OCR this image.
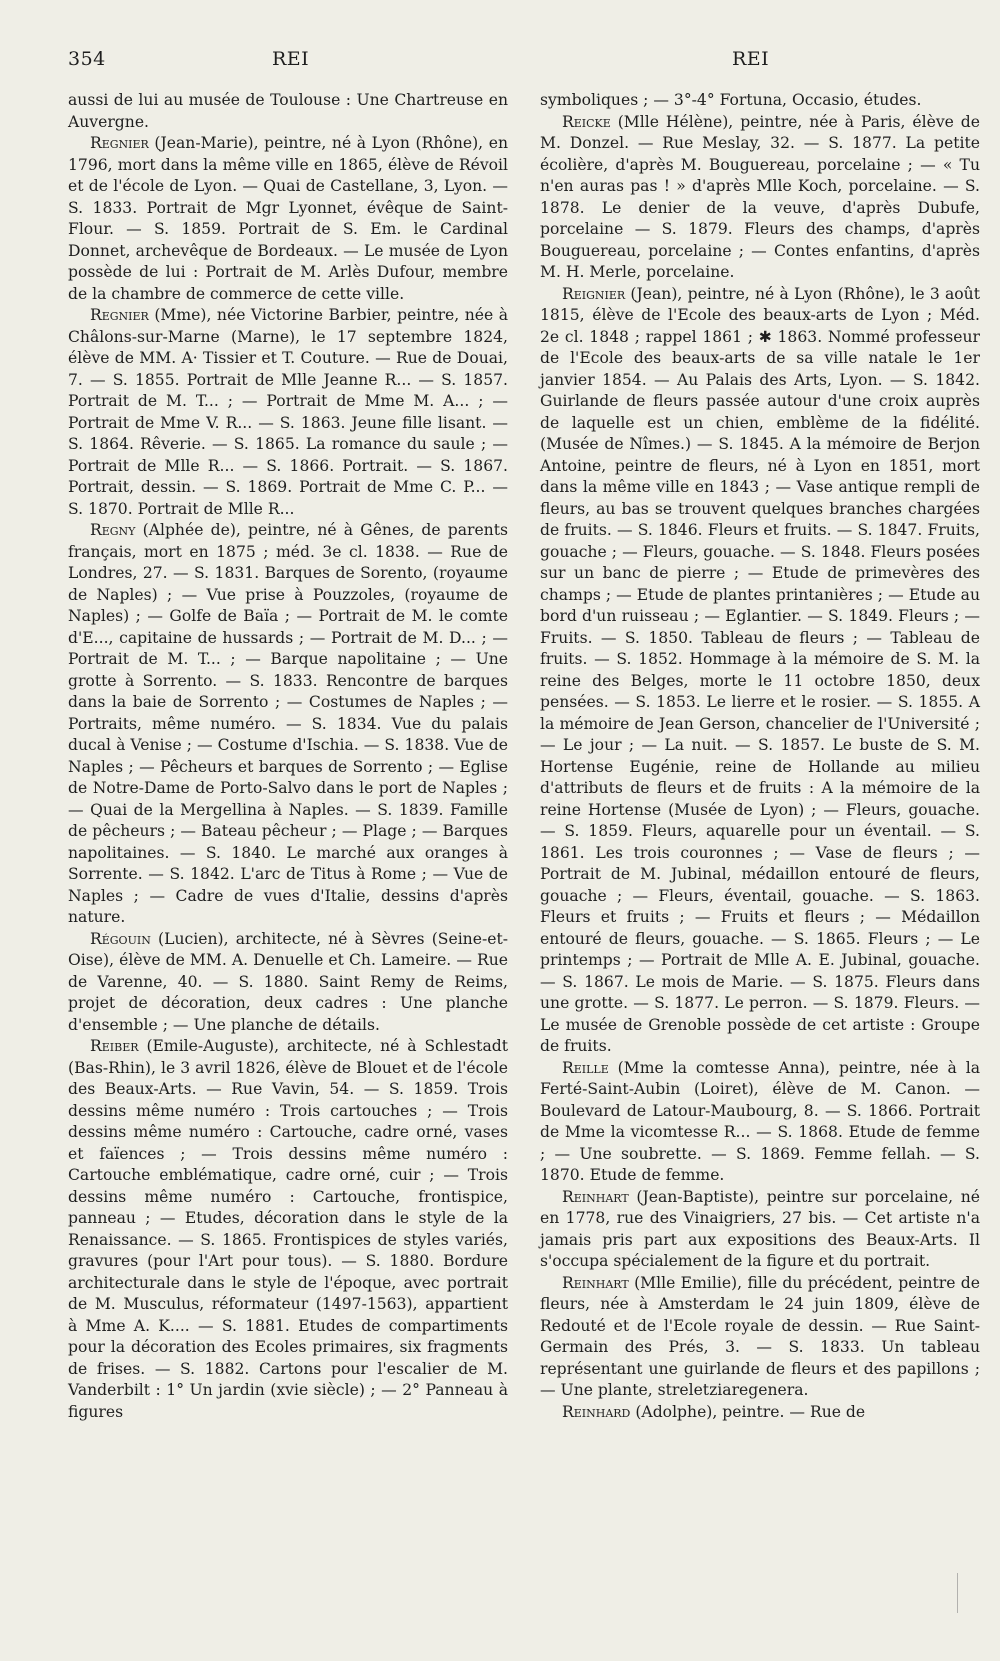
354	REI	REI

aussi de lui au musée de Toulouse : Une Chartreuse en Auvergne.

Regnier (Jean-Marie), peintre, né à Lyon (Rhône), en 1796, mort dans la même ville en 1865, élève de Révoil et de l'école de Lyon. — Quai de Castellane, 3, Lyon. — S. 1833. Portrait de Mgr Lyonnet, évêque de Saint-Flour. — S. 1859. Portrait de S. Em. le Cardinal Donnet, archevêque de Bordeaux. — Le musée de Lyon possède de lui : Portrait de M. Arlès Dufour, membre de la chambre de commerce de cette ville.

Regnier (Mme), née Victorine Barbier, peintre, née à Châlons-sur-Marne (Marne), le 17 septembre 1824, élève de MM. A· Tissier et T. Couture. — Rue de Douai, 7. — S. 1855. Portrait de Mlle Jeanne R... — S. 1857. Portrait de M. T... ; — Portrait de Mme M. A... ; — Portrait de Mme V. R... — S. 1863. Jeune fille lisant. — S. 1864. Rêverie. — S. 1865. La romance du saule ; — Portrait de Mlle R... — S. 1866. Portrait. — S. 1867. Portrait, dessin. — S. 1869. Portrait de Mme C. P... — S. 1870. Portrait de Mlle R...

Regny (Alphée de), peintre, né à Gênes, de parents français, mort en 1875 ; méd. 3e cl. 1838. — Rue de Londres, 27. — S. 1831. Barques de Sorento, (royaume de Naples) ; — Vue prise à Pouzzoles, (royaume de Naples) ; — Golfe de Baïa ; — Portrait de M. le comte d'E..., capitaine de hussards ; — Portrait de M. D... ; — Portrait de M. T... ; — Barque napolitaine ; — Une grotte à Sorrento. — S. 1833. Rencontre de barques dans la baie de Sorrento ; — Costumes de Naples ; — Portraits, même numéro. — S. 1834. Vue du palais ducal à Venise ; — Costume d'Ischia. — S. 1838. Vue de Naples ; — Pêcheurs et barques de Sorrento ; — Eglise de Notre-Dame de Porto-Salvo dans le port de Naples ; — Quai de la Mergellina à Naples. — S. 1839. Famille de pêcheurs ; — Bateau pêcheur ; — Plage ; — Barques napolitaines. — S. 1840. Le marché aux oranges à Sorrente. — S. 1842. L'arc de Titus à Rome ; — Vue de Naples ; — Cadre de vues d'Italie, dessins d'après nature.

Régouin (Lucien), architecte, né à Sèvres (Seine-et-Oise), élève de MM. A. Denuelle et Ch. Lameire. — Rue de Varenne, 40. — S. 1880. Saint Remy de Reims, projet de décoration, deux cadres : Une planche d'ensemble ; — Une planche de détails.

Reiber (Emile-Auguste), architecte, né à Schlestadt (Bas-Rhin), le 3 avril 1826, élève de Blouet et de l'école des Beaux-Arts. — Rue Vavin, 54. — S. 1859. Trois dessins même numéro : Trois cartouches ; — Trois dessins même numéro : Cartouche, cadre orné, vases et faïences ; — Trois dessins même numéro : Cartouche emblématique, cadre orné, cuir ; — Trois dessins même numéro : Cartouche, frontispice, panneau ; — Etudes, décoration dans le style de la Renaissance. — S. 1865. Frontispices de styles variés, gravures (pour l'Art pour tous). — S. 1880. Bordure architecturale dans le style de l'époque, avec portrait de M. Musculus, réformateur (1497-1563), appartient à Mme A. K.... — S. 1881. Etudes de compartiments pour la décoration des Ecoles primaires, six fragments de frises. — S. 1882. Cartons pour l'escalier de M. Vanderbilt : 1° Un jardin (xvie siècle) ; — 2° Panneau à figures

symboliques ; — 3°-4° Fortuna, Occasio, études.

Reicke (Mlle Hélène), peintre, née à Paris, élève de M. Donzel. — Rue Meslay, 32. — S. 1877. La petite écolière, d'après M. Bouguereau, porcelaine ; — « Tu n'en auras pas ! » d'après Mlle Koch, porcelaine. — S. 1878. Le denier de la veuve, d'après Dubufe, porcelaine — S. 1879. Fleurs des champs, d'après Bouguereau, porcelaine ; — Contes enfantins, d'après M. H. Merle, porcelaine.

Reignier (Jean), peintre, né à Lyon (Rhône), le 3 août 1815, élève de l'Ecole des beaux-arts de Lyon ; Méd. 2e cl. 1848 ; rappel 1861 ; ✱ 1863. Nommé professeur de l'Ecole des beaux-arts de sa ville natale le 1er janvier 1854. — Au Palais des Arts, Lyon. — S. 1842. Guirlande de fleurs passée autour d'une croix auprès de laquelle est un chien, emblème de la fidélité. (Musée de Nîmes.) — S. 1845. A la mémoire de Berjon Antoine, peintre de fleurs, né à Lyon en 1851, mort dans la même ville en 1843 ; — Vase antique rempli de fleurs, au bas se trouvent quelques branches chargées de fruits. — S. 1846. Fleurs et fruits. — S. 1847. Fruits, gouache ; — Fleurs, gouache. — S. 1848. Fleurs posées sur un banc de pierre ; — Etude de primevères des champs ; — Etude de plantes printanières ; — Etude au bord d'un ruisseau ; — Eglantier. — S. 1849. Fleurs ; — Fruits. — S. 1850. Tableau de fleurs ; — Tableau de fruits. — S. 1852. Hommage à la mémoire de S. M. la reine des Belges, morte le 11 octobre 1850, deux pensées. — S. 1853. Le lierre et le rosier. — S. 1855. A la mémoire de Jean Gerson, chancelier de l'Université ; — Le jour ; — La nuit. — S. 1857. Le buste de S. M. Hortense Eugénie, reine de Hollande au milieu d'attributs de fleurs et de fruits : A la mémoire de la reine Hortense (Musée de Lyon) ; — Fleurs, gouache. — S. 1859. Fleurs, aquarelle pour un éventail. — S. 1861. Les trois couronnes ; — Vase de fleurs ; — Portrait de M. Jubinal, médaillon entouré de fleurs, gouache ; — Fleurs, éventail, gouache. — S. 1863. Fleurs et fruits ; — Fruits et fleurs ; — Médaillon entouré de fleurs, gouache. — S. 1865. Fleurs ; — Le printemps ; — Portrait de Mlle A. E. Jubinal, gouache. — S. 1867. Le mois de Marie. — S. 1875. Fleurs dans une grotte. — S. 1877. Le perron. — S. 1879. Fleurs. — Le musée de Grenoble possède de cet artiste : Groupe de fruits.

Reille (Mme la comtesse Anna), peintre, née à la Ferté-Saint-Aubin (Loiret), élève de M. Canon. — Boulevard de Latour-Maubourg, 8. — S. 1866. Portrait de Mme la vicomtesse R... — S. 1868. Etude de femme ; — Une soubrette. — S. 1869. Femme fellah. — S. 1870. Etude de femme.

Reinhart (Jean-Baptiste), peintre sur porcelaine, né en 1778, rue des Vinaigriers, 27 bis. — Cet artiste n'a jamais pris part aux expositions des Beaux-Arts. Il s'occupa spécialement de la figure et du portrait.

Reinhart (Mlle Emilie), fille du précédent, peintre de fleurs, née à Amsterdam le 24 juin 1809, élève de Redouté et de l'Ecole royale de dessin. — Rue Saint-Germain des Prés, 3. — S. 1833. Un tableau représentant une guirlande de fleurs et des papillons ; — Une plante, streletziaregenera.

Reinhard (Adolphe), peintre. — Rue de
